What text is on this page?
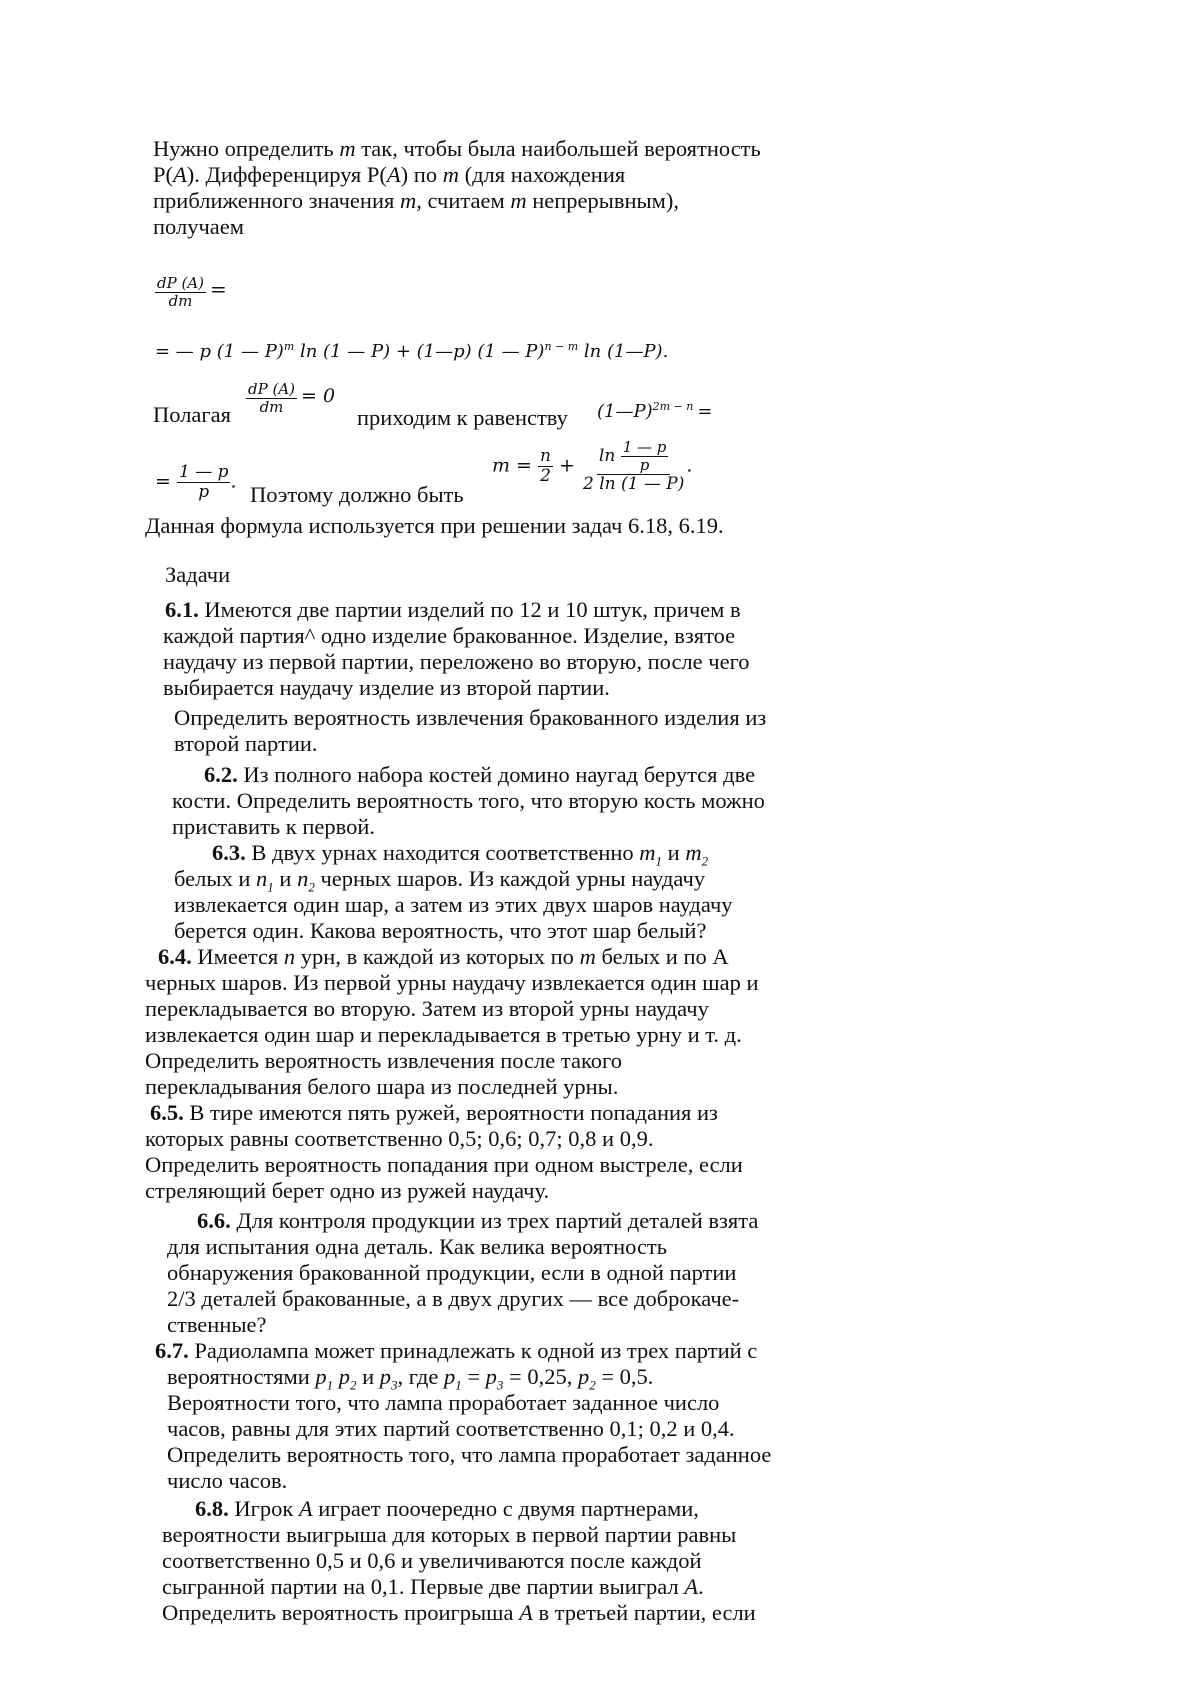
Нужно определить m так, чтобы была наибольшей вероятность
P(A). Дифференцируя P(A) по m (для нахождения
приближенного значения m, считаем m непрерывным),
получаем
$\frac{dP (A)}{dm}$ =
= — p (1 — P)$^m$ ln (1 — P) + (1—p) (1 — P)$^{n - m}$ ln (1—P).
Полагая $\frac{dP (A)}{dm} = 0$
приходим к равенству (1—P)$^{2m - n}$ =
= $\frac{1 — p}{p}$ .
Поэтому должно быть
$m = \frac{n}{2} + \frac{\ln \frac{1 — p}{p}}{2 \ln (1 — P)}$ .
Данная формула используется при решении задач 6.18, 6.19.
Задачи
6.1. Имеются две партии изделий по 12 и 10 штук, причем в
каждой партия^ одно изделие бракованное. Изделие, взятое
наудачу из первой партии, переложено во вторую, после чего
выбирается наудачу изделие из второй партии.
Определить вероятность извлечения бракованного изделия из
второй партии.
6.2. Из полного набора костей домино наугад берутся две
кости. Определить вероятность того, что вторую кость можно
приставить к первой.
6.3. В двух урнах находится соответственно $m_1$ и $m_2$
белых и $n_1$ и $n_2$ черных шаров. Из каждой урны наудачу
извлекается один шар, а затем из этих двух шаров наудачу
берется один. Какова вероятность, что этот шар белый?
6.4. Имеется n урн, в каждой из которых по m белых и по А
черных шаров. Из первой урны наудачу извлекается один шар и
перекладывается во вторую. Затем из второй урны наудачу
извлекается один шар и перекладывается в третью урну и т. д.
Определить вероятность извлечения после такого
перекладывания белого шара из последней урны.
6.5. В тире имеются пять ружей, вероятности попадания из
которых равны соответственно 0,5; 0,6; 0,7; 0,8 и 0,9.
Определить вероятность попадания при одном выстреле, если
стреляющий берет одно из ружей наудачу.
6.6. Для контроля продукции из трех партий деталей взята
для испытания одна деталь. Как велика вероятность
обнаружения бракованной продукции, если в одной партии
2/3 деталей бракованные, а в двух других — все доброкаче-
ственные?
6.7. Радиолампа может принадлежать к одной из трех партий с
вероятностями $p_1$ $p_2$ и $p_3$, где $p_1 = p_3 = 0,25$, $p_2 = 0,5$.
Вероятности того, что лампа проработает заданное число
часов, равны для этих партий соответственно 0,1; 0,2 и 0,4.
Определить вероятность того, что лампа проработает заданное
число часов.
6.8. Игрок A играет поочередно с двумя партнерами,
вероятности выигрыша для которых в первой партии равны
соответственно 0,5 и 0,6 и увеличиваются после каждой
сыгранной партии на 0,1. Первые две партии выиграл A.
Определить вероятность проигрыша A в третьей партии, если
